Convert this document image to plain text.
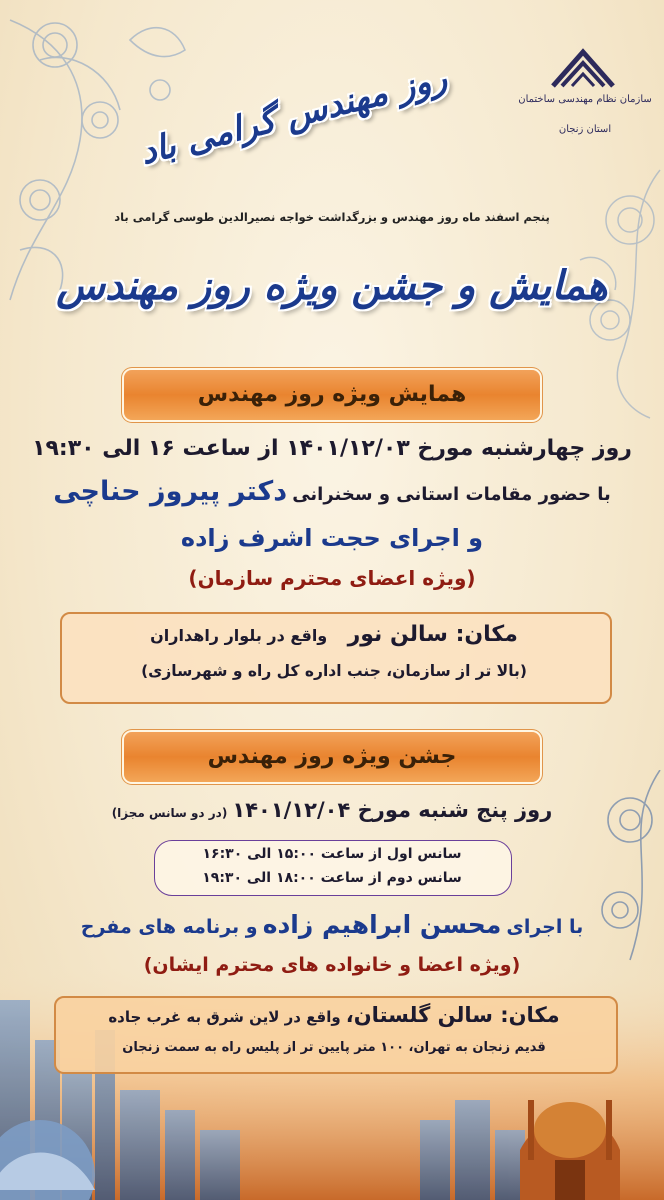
سازمان نظام مهندسی ساختمان
استان زنجان
روز مهندس گرامی باد
پنجم اسفند ماه روز مهندس و بزرگداشت خواجه نصیرالدین طوسی گرامی باد
همایش و جشن ویژه روز مهندس
همایش ویژه روز مهندس
روز چهارشنبه مورخ ۱۴۰۱/۱۲/۰۳ از ساعت ۱۶ الی ۱۹:۳۰
با حضور مقامات استانی و سخنرانی دکتر پیروز حناچی
و اجرای حجت اشرف زاده
(ویژه اعضای محترم سازمان)
مکان: سالن نور    واقع در بلوار راهداران
(بالا تر از سازمان، جنب اداره کل راه و شهرسازی)
جشن ویژه روز مهندس
روز پنج شنبه مورخ ۱۴۰۱/۱۲/۰۴ (در دو سانس مجزا)
سانس اول از ساعت ۱۵:۰۰ الی ۱۶:۳۰
سانس دوم از ساعت ۱۸:۰۰ الی ۱۹:۳۰
با اجرای محسن ابراهیم زاده و برنامه های مفرح
(ویژه اعضا و خانواده های محترم ایشان)
مکان: سالن گلستان، واقع در لاین شرق به غرب جاده
قدیم زنجان به تهران، ۱۰۰ متر پایین تر از پلیس راه به سمت زنجان
